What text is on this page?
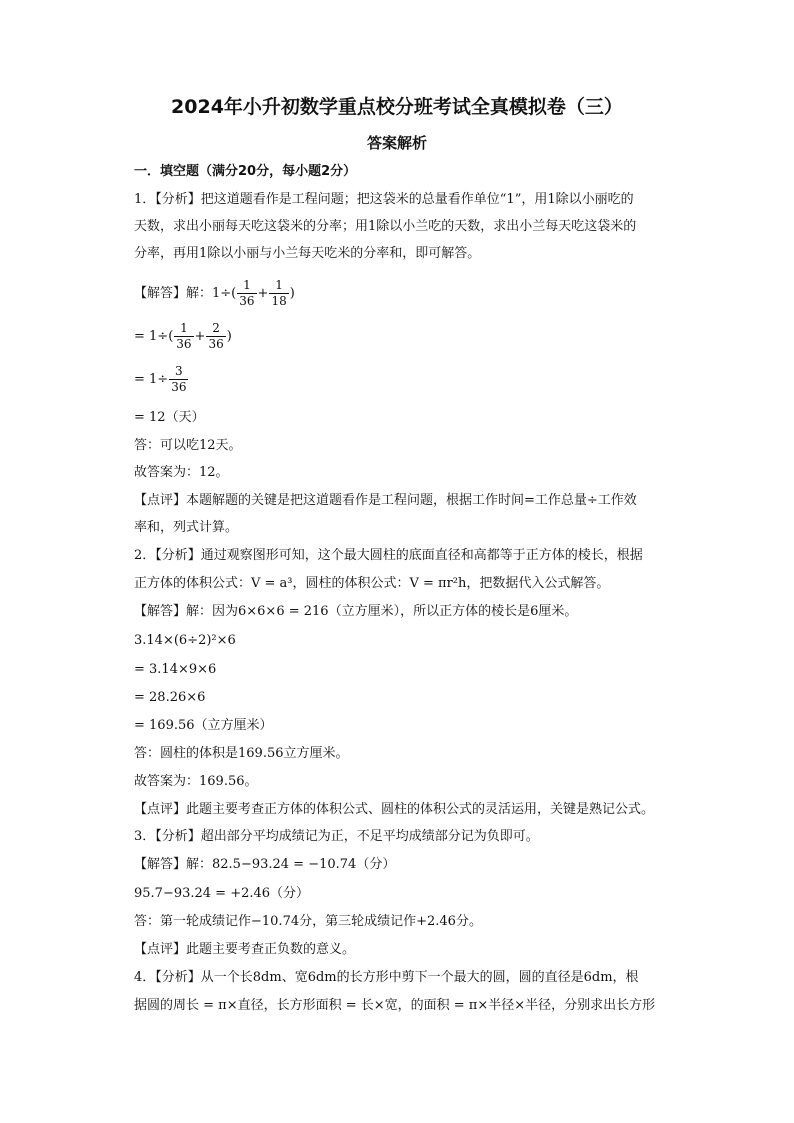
2024年小升初数学重点校分班考试全真模拟卷（三）
答案解析
一．填空题（满分20分，每小题2分）
1．【分析】把这道题看作是工程问题；把这袋米的总量看作单位“1”，用1除以小丽吃的
天数，求出小丽每天吃这袋米的分率；用1除以小兰吃的天数，求出小兰每天吃这袋米的
分率，再用1除以小丽与小兰每天吃米的分率和，即可解答。
【解答】解：$1\div( \frac{1}{36} + \frac{1}{18}$ )
= $1\div( \frac{1}{36} + \frac{2}{36}$ )
= $1\div \frac{3}{36}$
= 12（天）
答：可以吃12天。
故答案为：12。
【点评】本题解题的关键是把这道题看作是工程问题，根据工作时间=工作总量÷工作效
率和，列式计算。
2．【分析】通过观察图形可知，这个最大圆柱的底面直径和高都等于正方体的棱长，根据
正方体的体积公式：V = a³，圆柱的体积公式：V = πr²h，把数据代入公式解答。
【解答】解：因为6×6×6 = 216（立方厘米），所以正方体的棱长是6厘米。
3.14×(6÷2)²×6
= 3.14×9×6
= 28.26×6
= 169.56（立方厘米）
答：圆柱的体积是169.56立方厘米。
故答案为：169.56。
【点评】此题主要考查正方体的体积公式、圆柱的体积公式的灵活运用，关键是熟记公式。
3．【分析】超出部分平均成绩记为正，不足平均成绩部分记为负即可。
【解答】解：82.5−93.24 = −10.74（分）
95.7−93.24 = +2.46（分）
答：第一轮成绩记作−10.74分，第三轮成绩记作+2.46分。
【点评】此题主要考查正负数的意义。
4．【分析】从一个长8dm、宽6dm的长方形中剪下一个最大的圆，圆的直径是6dm，根
据圆的周长 = π×直径，长方形面积 = 长×宽，的面积 = π×半径×半径，分别求出长方形
